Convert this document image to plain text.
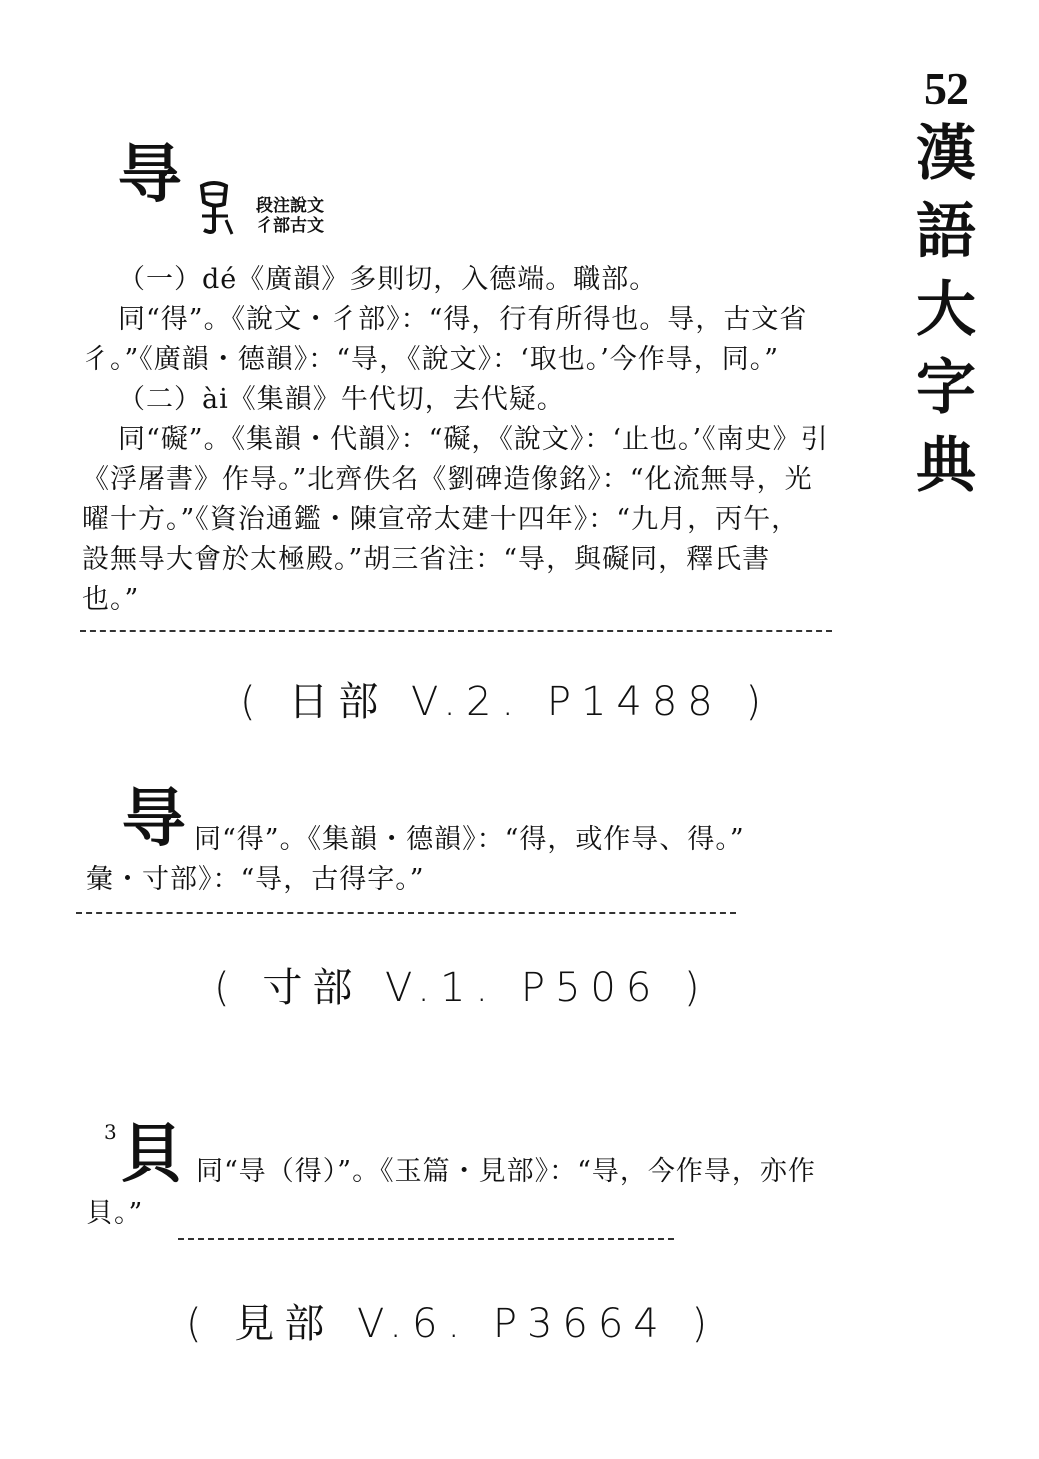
52
漢
語
大
字
典
㝵	段注說文
彳部古文

（一）dé《廣韻》多則切，入德端。職部。

同“得”。《說文・彳部》：“得，行有所得也。㝵，古文省

彳。”《廣韻・德韻》：“㝵，《說文》：‘取也。’今作㝵，同。”

（二）ài《集韻》牛代切，去代疑。

同“礙”。《集韻・代韻》：“礙，《說文》：‘止也。’《南史》引

《浮屠書》作㝵。”北齊佚名《劉碑造像銘》：“化流無㝵，光

曜十方。”《資治通鑑・陳宣帝太建十四年》：“九月，丙午，

設無㝵大會於太極殿。”胡三省注：“㝵，與礙同，釋氏書

也。”

( 日部 V.2. P1488 )
㝵 同“得”。《集韻・德韻》：“得，或作㝵、得。”

彙・寸部》：“㝵，古得字。”

( 寸部 V.1. P506 )
3 貝 同“㝵（得）”。《玉篇・見部》：“㝵，今作㝵，亦作

貝。”

( 見部 V.6. P3664 )
